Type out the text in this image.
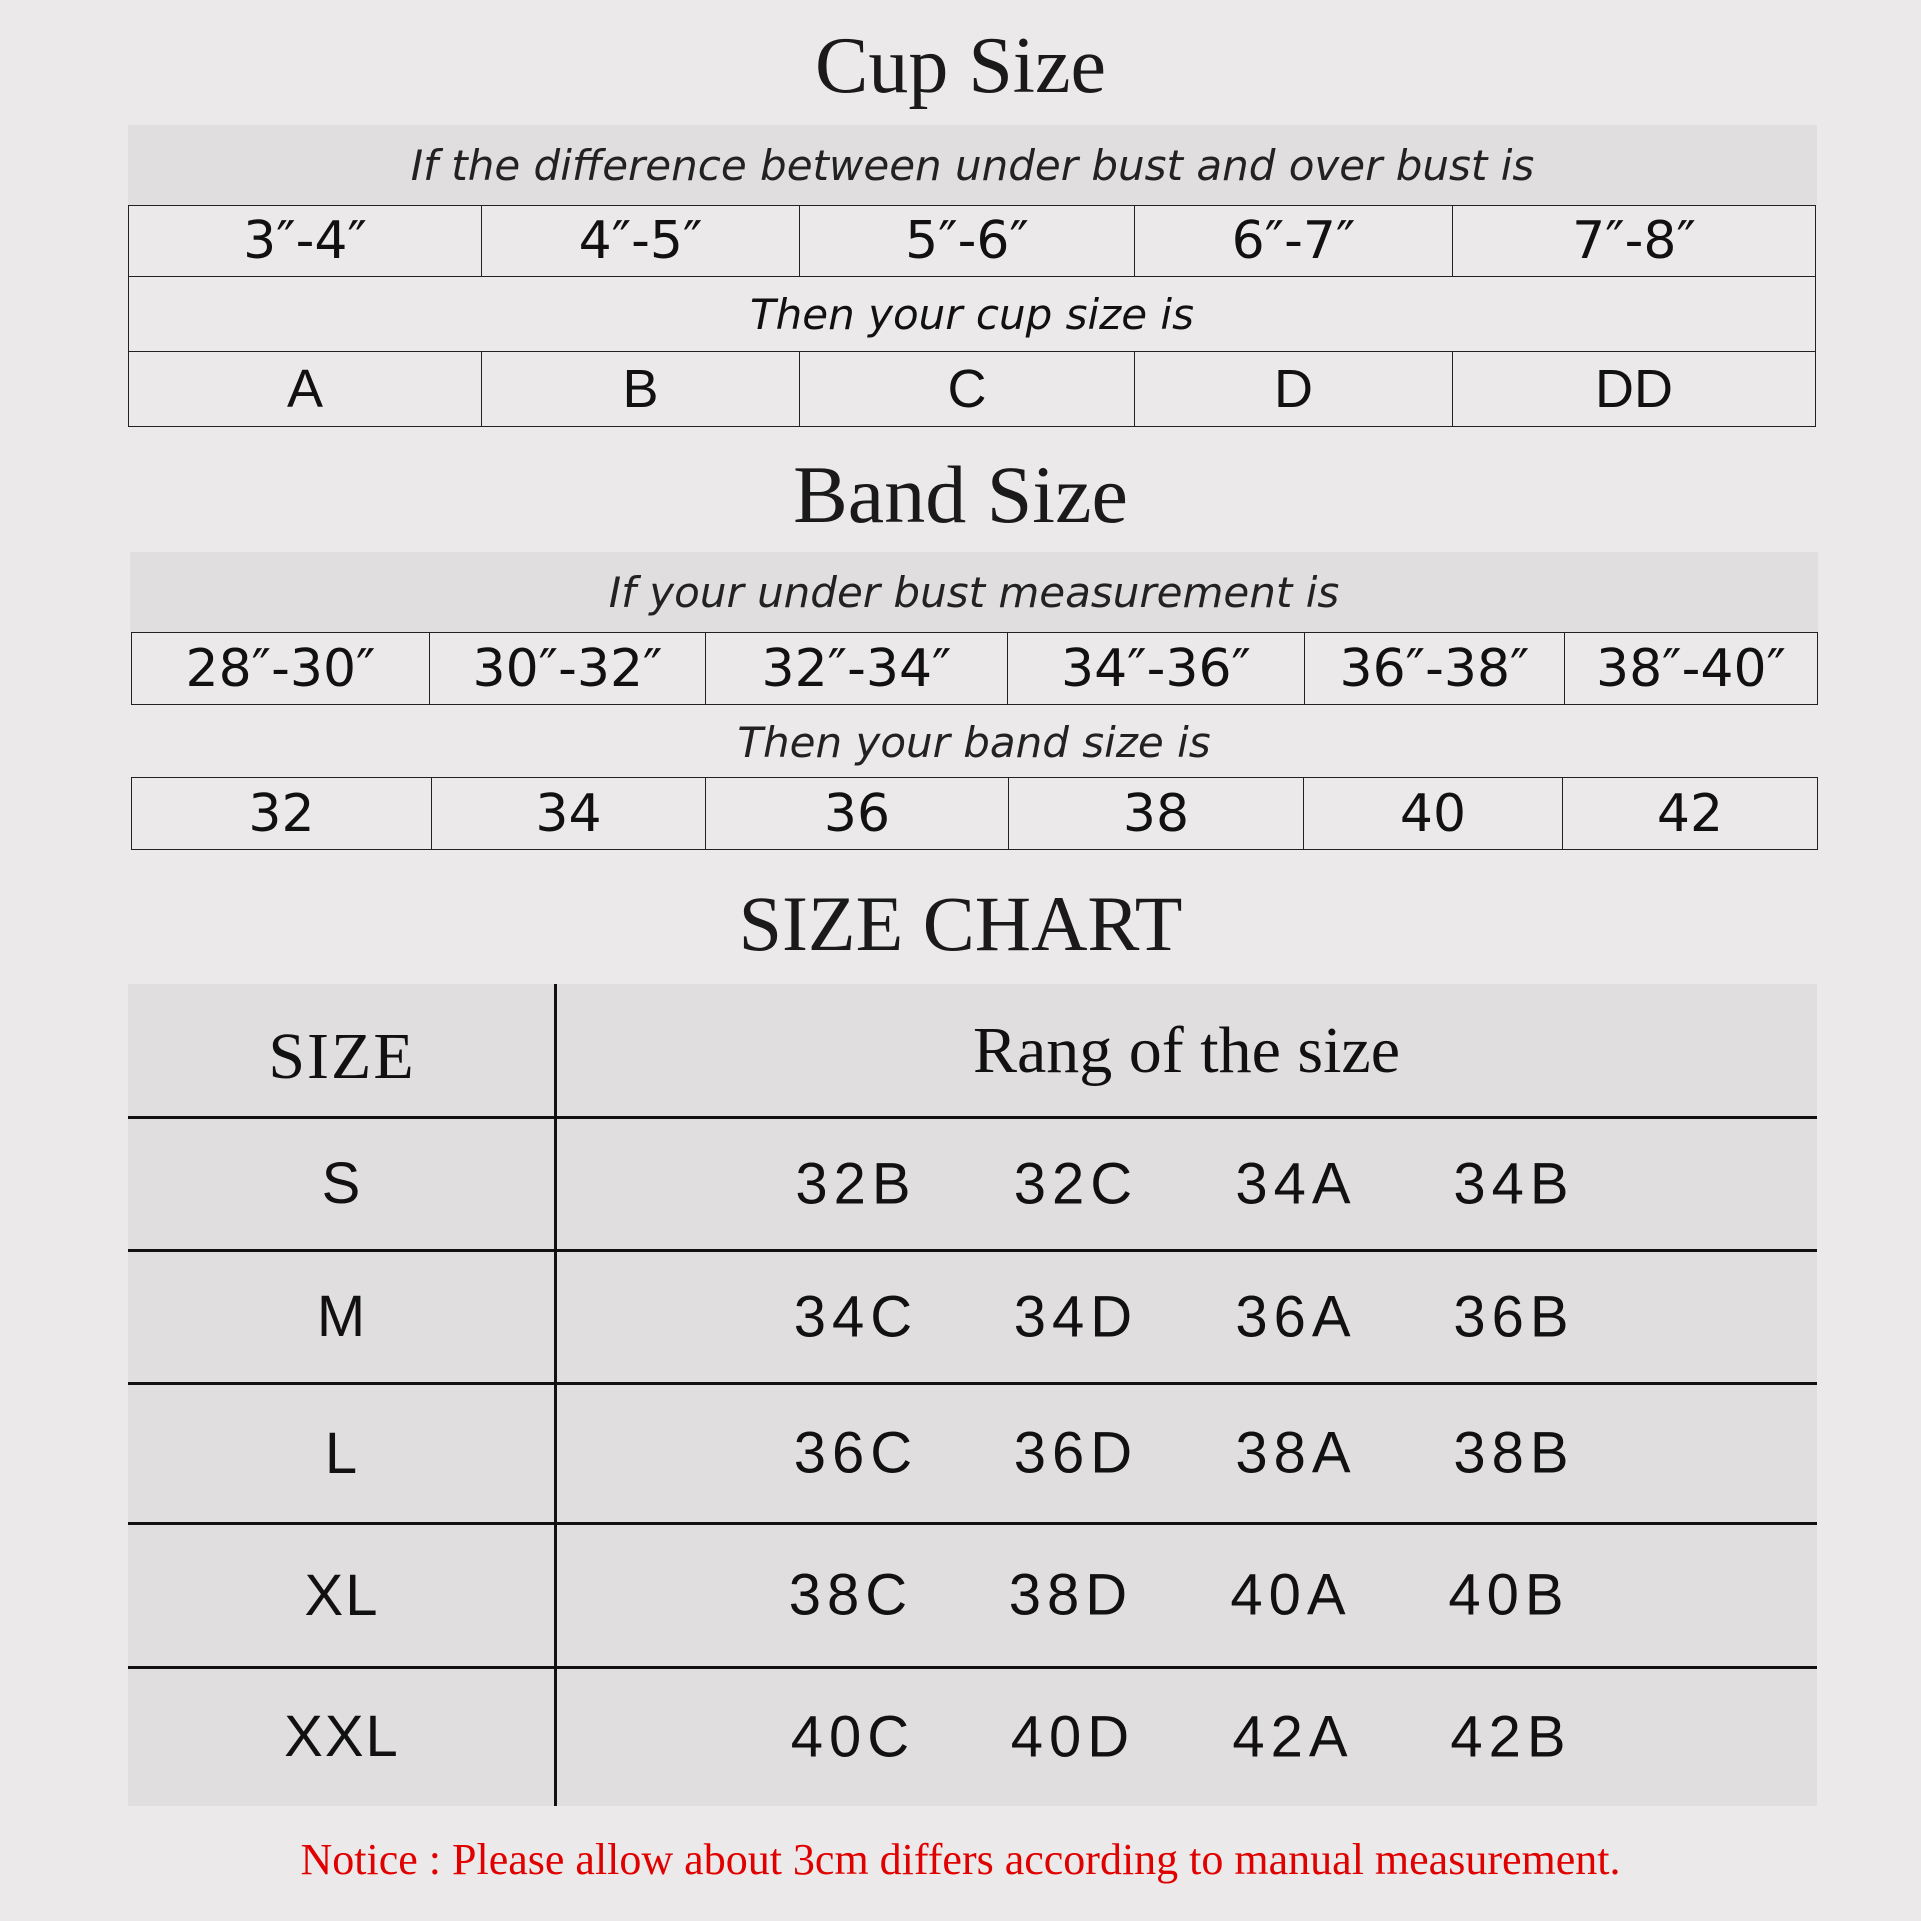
Cup Size
If the difference between under bust and over bust is
3″-4″	4″-5″	5″-6″	6″-7″	7″-8″
Then your cup size is				
A	B	C	D	DD
Band Size
If your under bust measurement is
28″-30″	30″-32″	32″-34″	34″-36″	36″-38″	38″-40″
Then your band size is
32	34	36	38	40	42
SIZE CHART
SIZE	Rang of the size
S	32B 32C 34A 34B
M	34C 34D 36A 36B
L	36C 36D 38A 38B
XL	38C 38D 40A 40B
XXL	40C 40D 42A 42B
Notice : Please allow about 3cm differs according to manual measurement.
